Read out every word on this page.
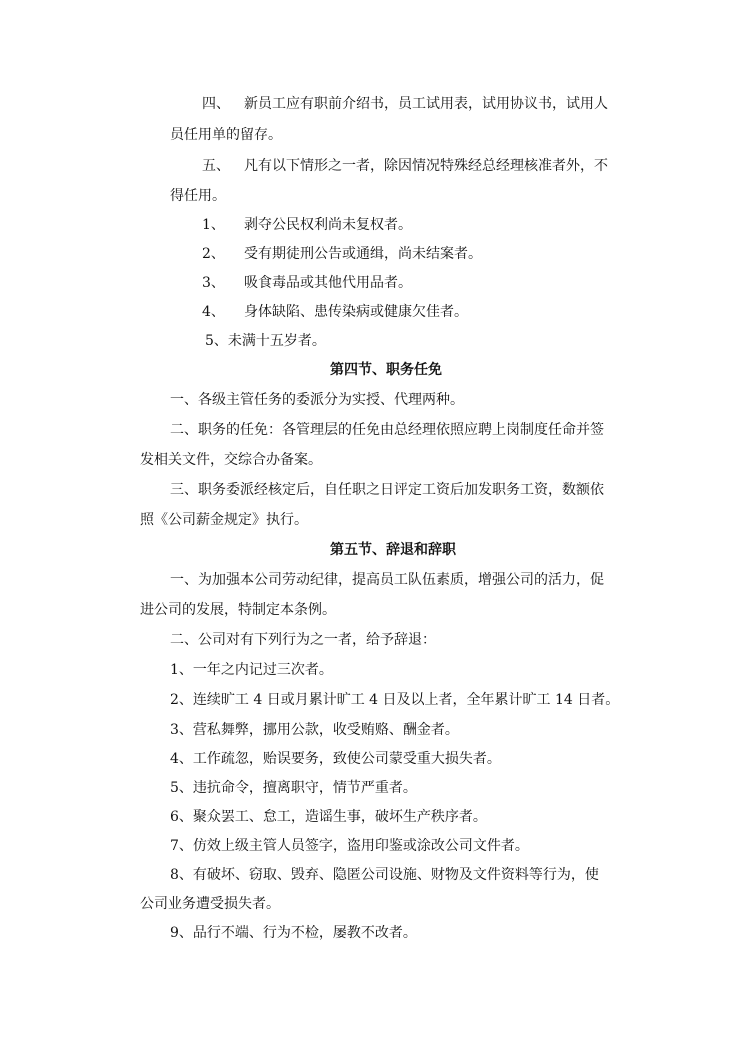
四、 新员工应有职前介绍书，员工试用表，试用协议书，试用人
员任用单的留存。
五、 凡有以下情形之一者，除因情况特殊经总经理核准者外，不
得任用。
1、 剥夺公民权利尚未复权者。
2、 受有期徒刑公告或通缉，尚未结案者。
3、 吸食毒品或其他代用品者。
4、 身体缺陷、患传染病或健康欠佳者。
5、未满十五岁者。
第四节、职务任免
一、各级主管任务的委派分为实授、代理两种。
二、职务的任免：各管理层的任免由总经理依照应聘上岗制度任命并签
发相关文件，交综合办备案。
三、职务委派经核定后，自任职之日评定工资后加发职务工资，数额依
照《公司薪金规定》执行。
第五节、辞退和辞职
一、为加强本公司劳动纪律，提高员工队伍素质，增强公司的活力，促
进公司的发展，特制定本条例。
二、公司对有下列行为之一者，给予辞退：
1、一年之内记过三次者。
2、连续旷工 4 日或月累计旷工 4 日及以上者，全年累计旷工 14 日者。
3、营私舞弊，挪用公款，收受贿赂、酬金者。
4、工作疏忽，贻误要务，致使公司蒙受重大损失者。
5、违抗命令，擅离职守，情节严重者。
6、聚众罢工、怠工，造谣生事，破坏生产秩序者。
7、仿效上级主管人员签字，盗用印鉴或涂改公司文件者。
8、有破坏、窃取、毁弃、隐匿公司设施、财物及文件资料等行为，使
公司业务遭受损失者。
9、品行不端、行为不检，屡教不改者。
